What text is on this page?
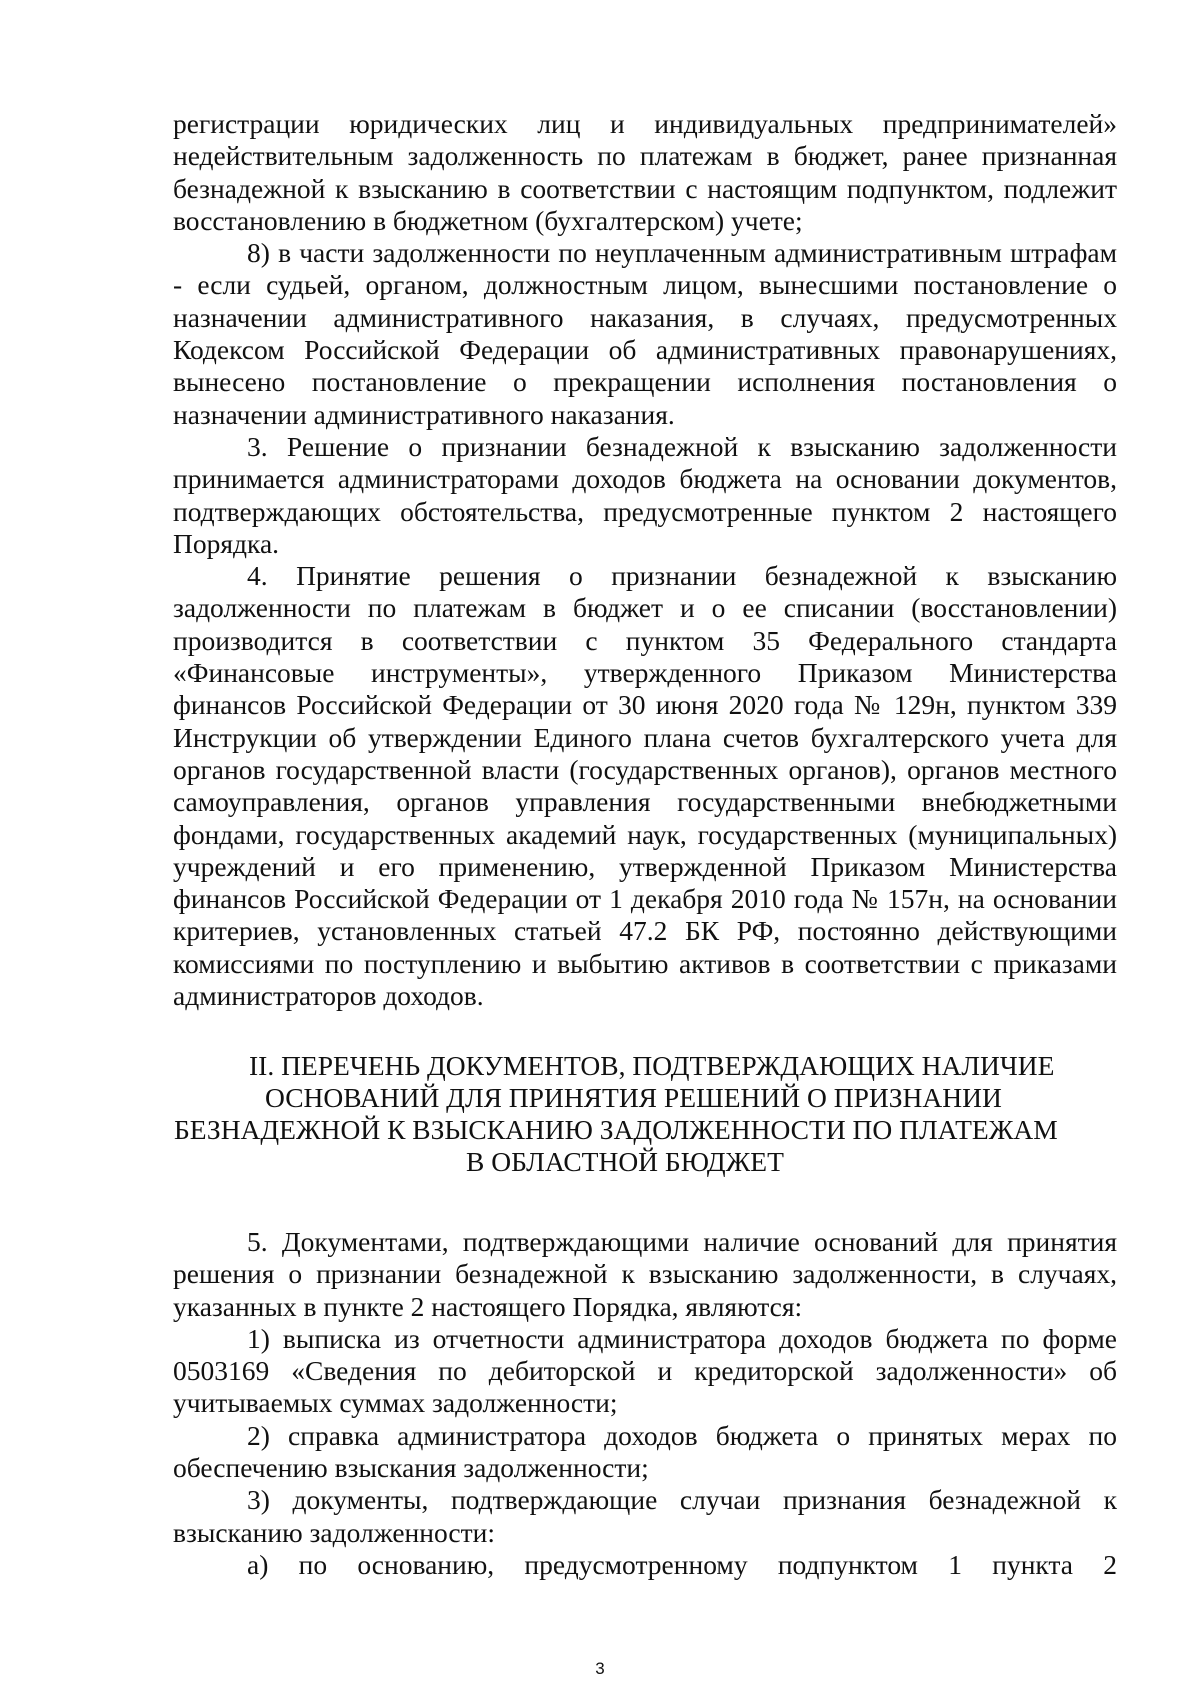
регистрации юридических лиц и индивидуальных предпринимателей» недействительным задолженность по платежам в бюджет, ранее признанная безнадежной к взысканию в соответствии с настоящим подпунктом, подлежит восстановлению в бюджетном (бухгалтерском) учете;

8) в части задолженности по неуплаченным административным штрафам - если судьей, органом, должностным лицом, вынесшими постановление о назначении административного наказания, в случаях, предусмотренных Кодексом Российской Федерации об административных правонарушениях, вынесено постановление о прекращении исполнения постановления о назначении административного наказания.

3. Решение о признании безнадежной к взысканию задолженности принимается администраторами доходов бюджета на основании документов, подтверждающих обстоятельства, предусмотренные пунктом 2 настоящего Порядка.

4. Принятие решения о признании безнадежной к взысканию задолженности по платежам в бюджет и о ее списании (восстановлении) производится в соответствии с пунктом 35 Федерального стандарта «Финансовые инструменты», утвержденного Приказом Министерства финансов Российской Федерации от 30 июня 2020 года № 129н, пунктом 339 Инструкции об утверждении Единого плана счетов бухгалтерского учета для органов государственной власти (государственных органов), органов местного самоуправления, органов управления государственными внебюджетными фондами, государственных академий наук, государственных (муниципальных) учреждений и его применению, утвержденной Приказом Министерства финансов Российской Федерации от 1 декабря 2010 года № 157н, на основании критериев, установленных статьей 47.2 БК РФ, постоянно действующими комиссиями по поступлению и выбытию активов в соответствии с приказами администраторов доходов.

II. ПЕРЕЧЕНЬ ДОКУМЕНТОВ, ПОДТВЕРЖДАЮЩИХ НАЛИЧИЕ
ОСНОВАНИЙ ДЛЯ ПРИНЯТИЯ РЕШЕНИЙ О ПРИЗНАНИИ
БЕЗНАДЕЖНОЙ К ВЗЫСКАНИЮ ЗАДОЛЖЕННОСТИ ПО ПЛАТЕЖАМ
В ОБЛАСТНОЙ БЮДЖЕТ

5. Документами, подтверждающими наличие оснований для принятия решения о признании безнадежной к взысканию задолженности, в случаях, указанных в пункте 2 настоящего Порядка, являются:

1) выписка из отчетности администратора доходов бюджета по форме 0503169 «Сведения по дебиторской и кредиторской задолженности» об учитываемых суммах задолженности;

2) справка администратора доходов бюджета о принятых мерах по обеспечению взыскания задолженности;

3) документы, подтверждающие случаи признания безнадежной к взысканию задолженности:

а) по основанию, предусмотренному подпунктом 1 пункта 2

3
